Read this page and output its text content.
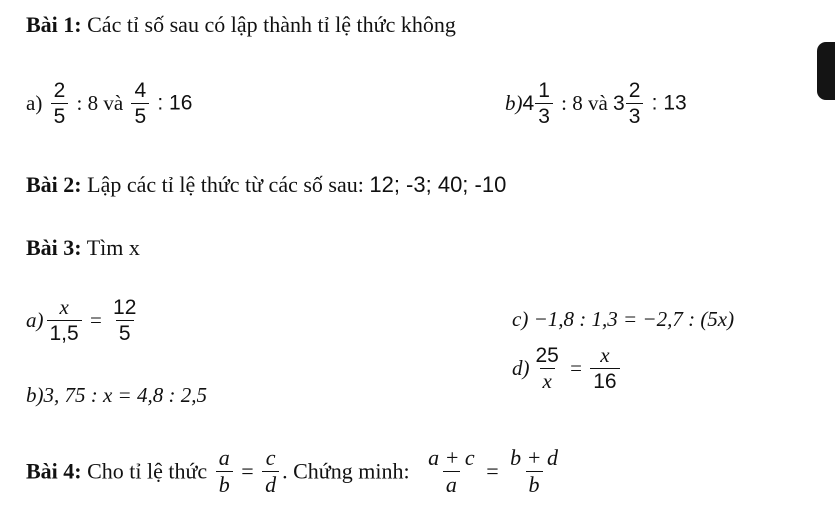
Bài 1: Các tỉ số sau có lập thành tỉ lệ thức không
$a) \frac{2}{5}$ : 8 và $\frac{4}{5}$ : 16	b) $4 \frac{1}{3}$ : 8 và $3 \frac{2}{3}$ : 13
Bài 2: Lập các tỉ lệ thức từ các số sau: 12; -3; 40; -10
Bài 3: Tìm x
$a) \frac{x}{1,5} = \frac{12}{5}$
b)3, 75 : x = 4,8 : 2,5
c) −1,8 : 1,3 = −2,7 : (5x)
$d) \frac{25}{x} = \frac{x}{16}$
Bài 4: Cho tỉ lệ thức $\frac{a}{b} = \frac{c}{d}$ . Chứng minh: $\frac{a + c}{a} = \frac{b + d}{b}$
